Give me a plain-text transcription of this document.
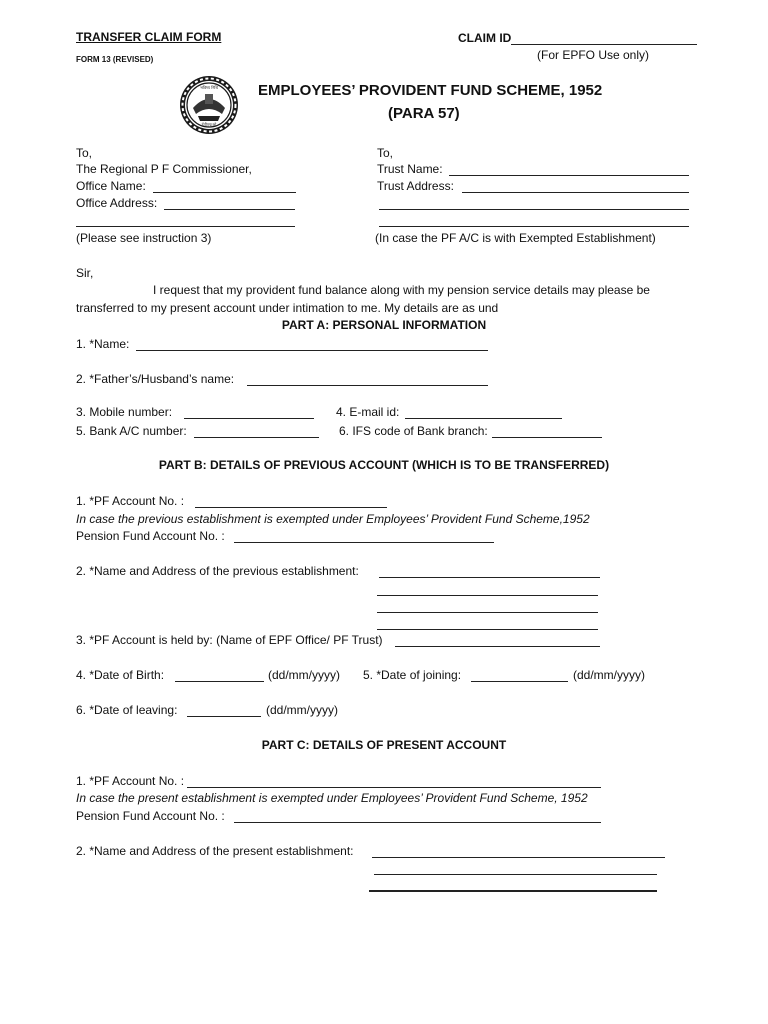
TRANSFER CLAIM FORM
FORM 13 (REVISED)
CLAIM ID
(For EPFO Use only)
भविष्य निधि
ईपीएफओ
EMPLOYEES’ PROVIDENT FUND SCHEME, 1952
(PARA 57)
To,
The Regional P F Commissioner,
Office Name:
Office Address:
(Please see instruction 3)
To,
Trust Name:
Trust Address:
(In case the PF A/C is with Exempted Establishment)
Sir,
I request that my provident fund balance along with my pension service details may please be
transferred to my present account under intimation to me. My details are as und
PART A: PERSONAL INFORMATION
1. *Name:
2. *Father’s/Husband’s name:
3. Mobile number:	4. E-mail id:
5. Bank A/C number:	6. IFS code of Bank branch:
PART B: DETAILS OF PREVIOUS ACCOUNT (WHICH IS TO BE TRANSFERRED)
1. *PF Account No. :
In case the previous establishment is exempted under Employees’ Provident Fund Scheme,1952
Pension Fund Account No. :
2. *Name and Address of the previous establishment:
3. *PF Account is held by: (Name of EPF Office/ PF Trust)
4. *Date of Birth:	(dd/mm/yyyy) 5. *Date of joining:	(dd/mm/yyyy)
6. *Date of leaving:	(dd/mm/yyyy)
PART C: DETAILS OF PRESENT ACCOUNT
1. *PF Account No. :
In case the present establishment is exempted under Employees’ Provident Fund Scheme, 1952
Pension Fund Account No. :
2. *Name and Address of the present establishment:
